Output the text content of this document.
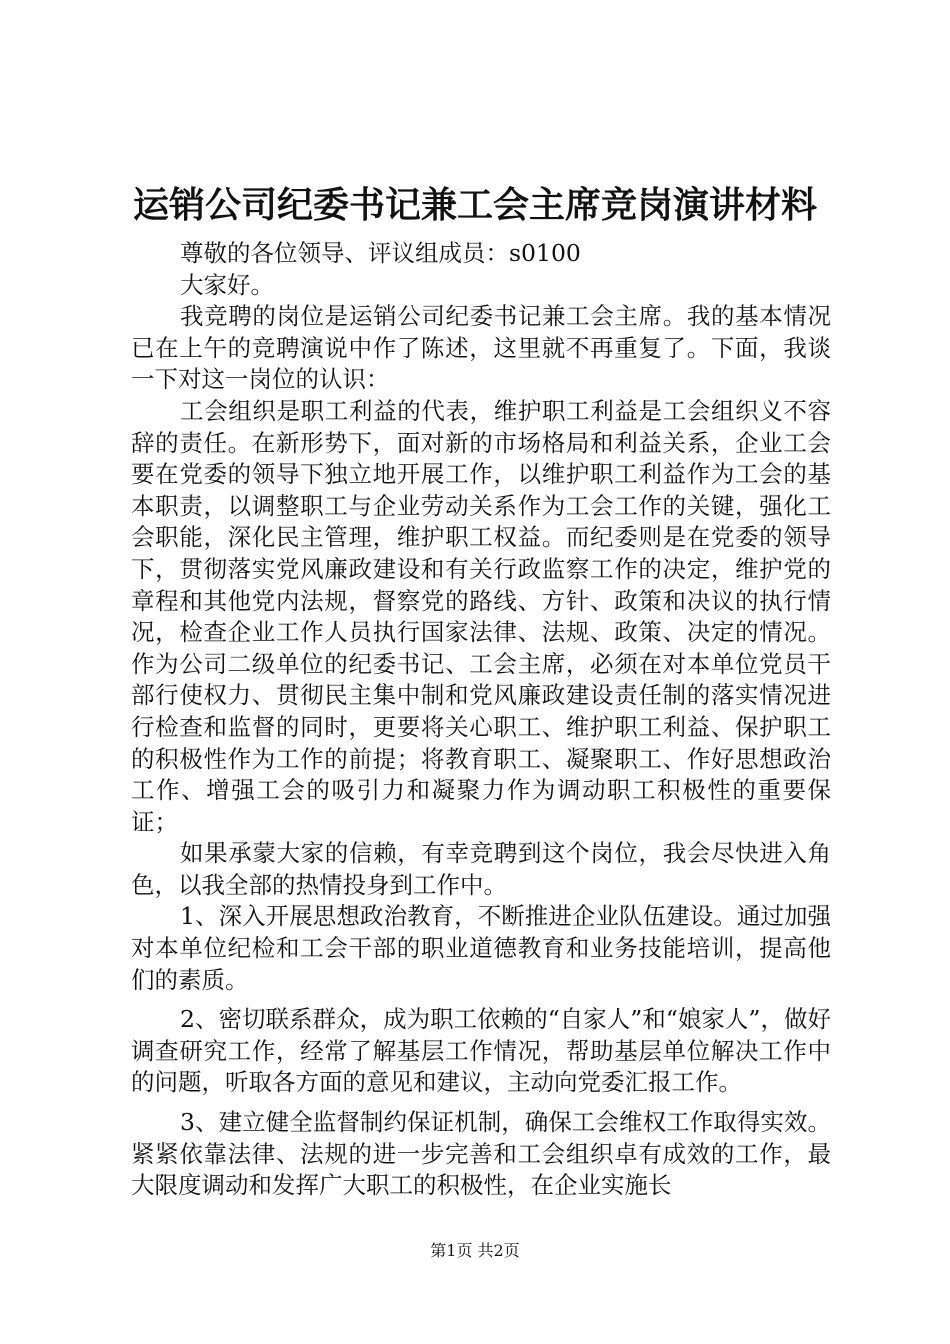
运销公司纪委书记兼工会主席竞岗演讲材料

尊敬的各位领导、评议组成员：s0100

大家好。

我竞聘的岗位是运销公司纪委书记兼工会主席。我的基本情况已在上午的竞聘演说中作了陈述，这里就不再重复了。下面，我谈一下对这一岗位的认识：

工会组织是职工利益的代表，维护职工利益是工会组织义不容辞的责任。在新形势下，面对新的市场格局和利益关系，企业工会要在党委的领导下独立地开展工作，以维护职工利益作为工会的基本职责，以调整职工与企业劳动关系作为工会工作的关键，强化工会职能，深化民主管理，维护职工权益。而纪委则是在党委的领导下，贯彻落实党风廉政建设和有关行政监察工作的决定，维护党的章程和其他党内法规，督察党的路线、方针、政策和决议的执行情况，检查企业工作人员执行国家法律、法规、政策、决定的情况。作为公司二级单位的纪委书记、工会主席，必须在对本单位党员干部行使权力、贯彻民主集中制和党风廉政建设责任制的落实情况进行检查和监督的同时，更要将关心职工、维护职工利益、保护职工的积极性作为工作的前提；将教育职工、凝聚职工、作好思想政治工作、增强工会的吸引力和凝聚力作为调动职工积极性的重要保证；

如果承蒙大家的信赖，有幸竞聘到这个岗位，我会尽快进入角色，以我全部的热情投身到工作中。

1、深入开展思想政治教育，不断推进企业队伍建设。通过加强对本单位纪检和工会干部的职业道德教育和业务技能培训，提高他们的素质。

2、密切联系群众，成为职工依赖的“自家人”和“娘家人”，做好调查研究工作，经常了解基层工作情况，帮助基层单位解决工作中的问题，听取各方面的意见和建议，主动向党委汇报工作。

3、建立健全监督制约保证机制，确保工会维权工作取得实效。紧紧依靠法律、法规的进一步完善和工会组织卓有成效的工作，最大限度调动和发挥广大职工的积极性，在企业实施长

第1页 共2页
